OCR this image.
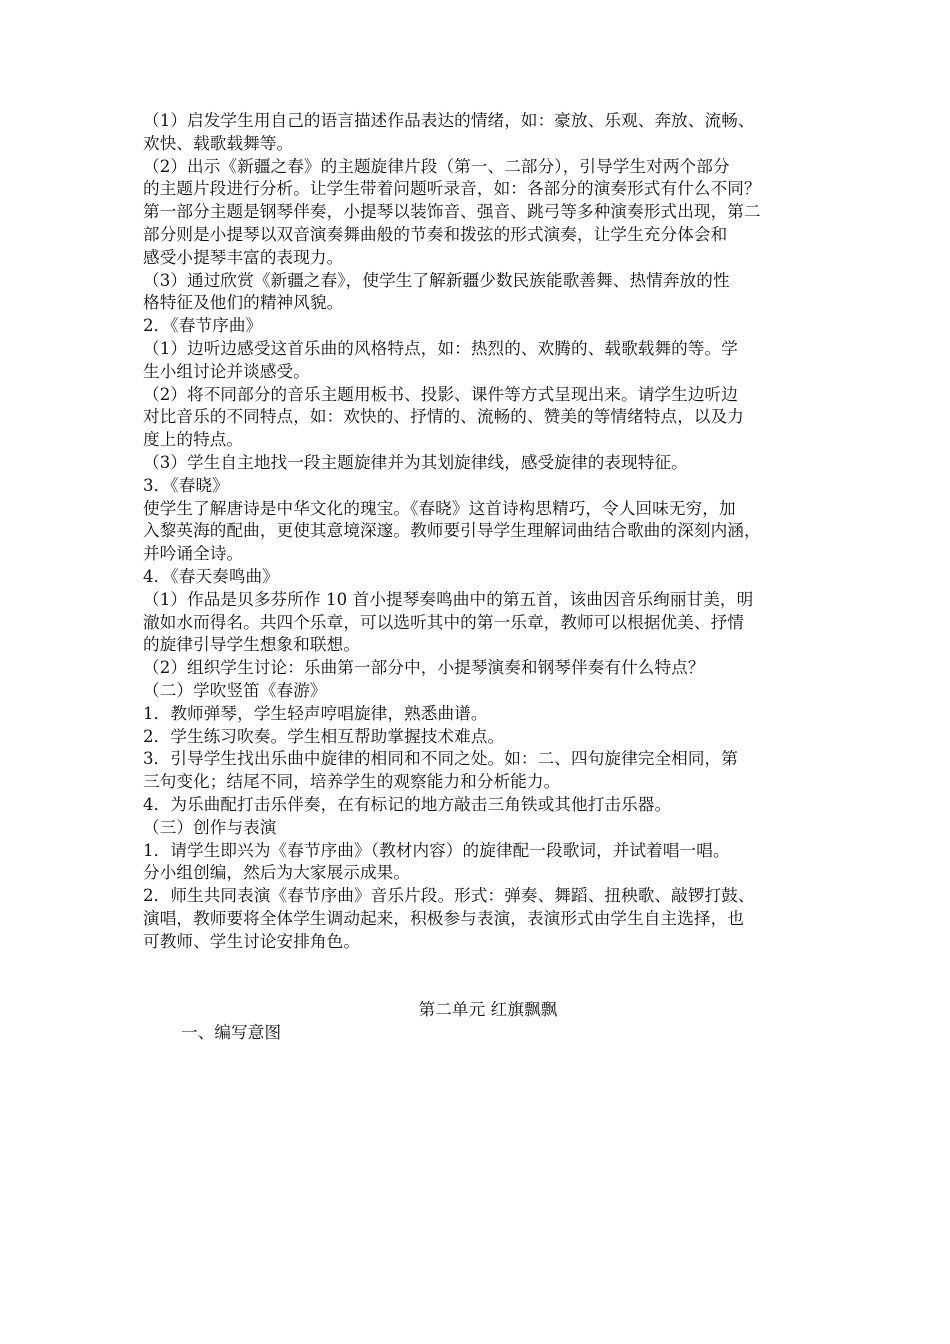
（1）启发学生用自己的语言描述作品表达的情绪，如：豪放、乐观、奔放、流畅、
欢快、载歌载舞等。
（2）出示《新疆之春》的主题旋律片段（第一、二部分），引导学生对两个部分
的主题片段进行分析。让学生带着问题听录音，如：各部分的演奏形式有什么不同？
第一部分主题是钢琴伴奏，小提琴以装饰音、强音、跳弓等多种演奏形式出现，第二
部分则是小提琴以双音演奏舞曲般的节奏和拨弦的形式演奏，让学生充分体会和
感受小提琴丰富的表现力。
（3）通过欣赏《新疆之春》，使学生了解新疆少数民族能歌善舞、热情奔放的性
格特征及他们的精神风貌。
2．《春节序曲》
（1）边听边感受这首乐曲的风格特点，如：热烈的、欢腾的、载歌载舞的等。学
生小组讨论并谈感受。
（2）将不同部分的音乐主题用板书、投影、课件等方式呈现出来。请学生边听边
对比音乐的不同特点，如：欢快的、抒情的、流畅的、赞美的等情绪特点，以及力
度上的特点。
（3）学生自主地找一段主题旋律并为其划旋律线，感受旋律的表现特征。
3．《春晓》
使学生了解唐诗是中华文化的瑰宝。《春晓》这首诗构思精巧，令人回味无穷，加
入黎英海的配曲，更使其意境深邃。教师要引导学生理解词曲结合歌曲的深刻内涵，
并吟诵全诗。
4．《春天奏鸣曲》
（1）作品是贝多芬所作 10 首小提琴奏鸣曲中的第五首，该曲因音乐绚丽甘美，明
澈如水而得名。共四个乐章，可以选听其中的第一乐章，教师可以根据优美、抒情
的旋律引导学生想象和联想。
（2）组织学生讨论：乐曲第一部分中，小提琴演奏和钢琴伴奏有什么特点？
（二）学吹竖笛《春游》
1．教师弹琴，学生轻声哼唱旋律，熟悉曲谱。
2．学生练习吹奏。学生相互帮助掌握技术难点。
3．引导学生找出乐曲中旋律的相同和不同之处。如：二、四句旋律完全相同，第
三句变化；结尾不同，培养学生的观察能力和分析能力。
4．为乐曲配打击乐伴奏，在有标记的地方敲击三角铁或其他打击乐器。
（三）创作与表演
1．请学生即兴为《春节序曲》（教材内容）的旋律配一段歌词，并试着唱一唱。
分小组创编，然后为大家展示成果。
2．师生共同表演《春节序曲》音乐片段。形式：弹奏、舞蹈、扭秧歌、敲锣打鼓、
演唱，教师要将全体学生调动起来，积极参与表演，表演形式由学生自主选择，也
可教师、学生讨论安排角色。
第二单元 红旗飘飘
一、编写意图
